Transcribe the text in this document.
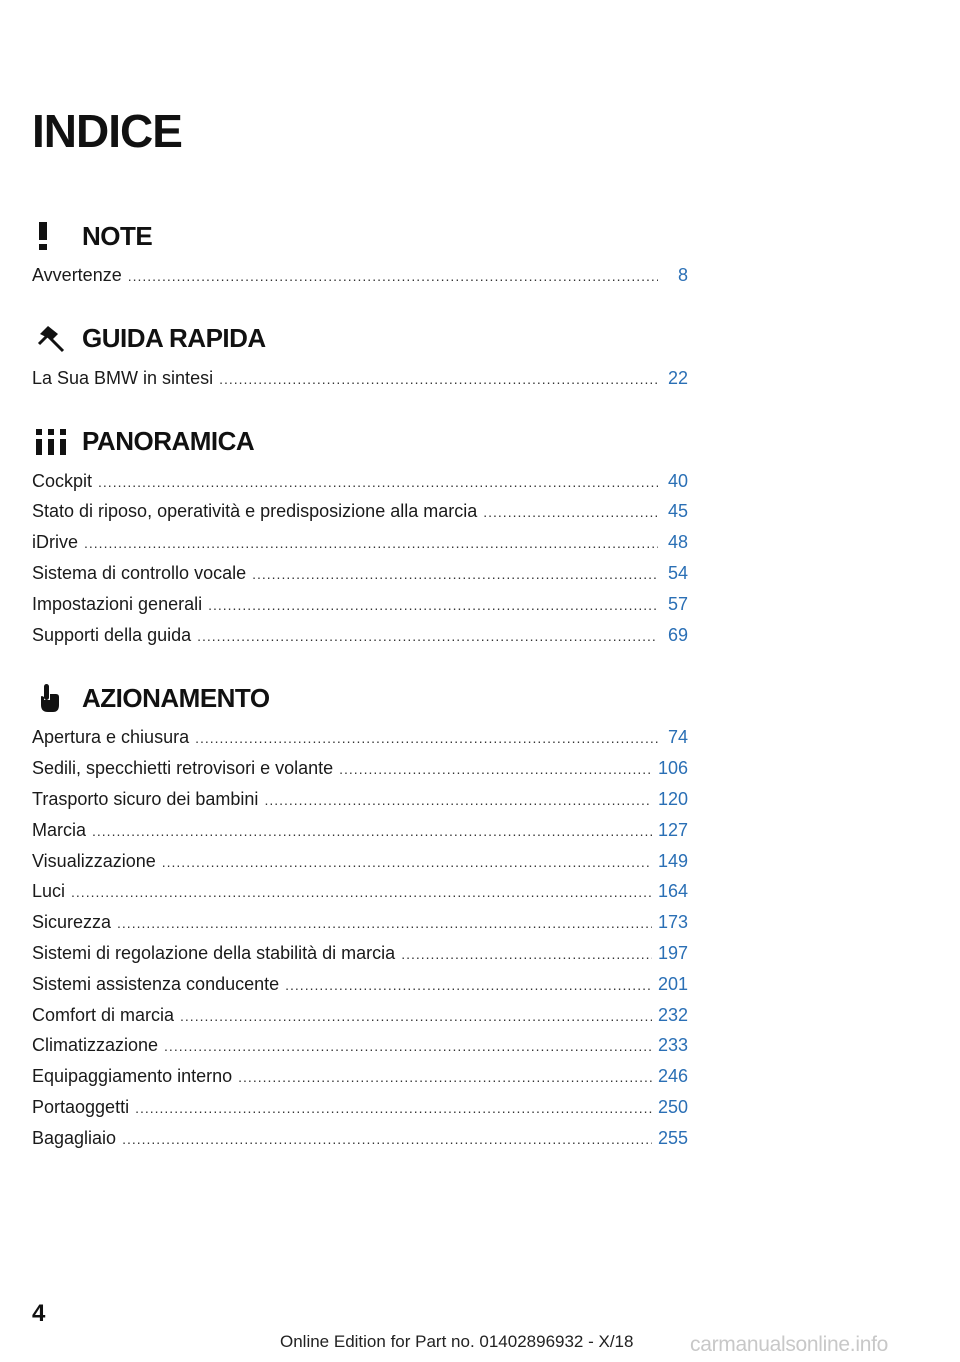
INDICE
NOTE
Avvertenze .....	8
GUIDA RAPIDA
La Sua BMW in sintesi .....	22
PANORAMICA
Cockpit .....	40
Stato di riposo, operatività e predisposizione alla marcia .....	45
iDrive .....	48
Sistema di controllo vocale .....	54
Impostazioni generali .....	57
Supporti della guida .....	69
AZIONAMENTO
Apertura e chiusura .....	74
Sedili, specchietti retrovisori e volante .....	106
Trasporto sicuro dei bambini .....	120
Marcia .....	127
Visualizzazione .....	149
Luci .....	164
Sicurezza .....	173
Sistemi di regolazione della stabilità di marcia .....	197
Sistemi assistenza conducente .....	201
Comfort di marcia .....	232
Climatizzazione .....	233
Equipaggiamento interno .....	246
Portaoggetti .....	250
Bagagliaio .....	255
4
Online Edition for Part no. 01402896932 - X/18	carmanualsonline.info
